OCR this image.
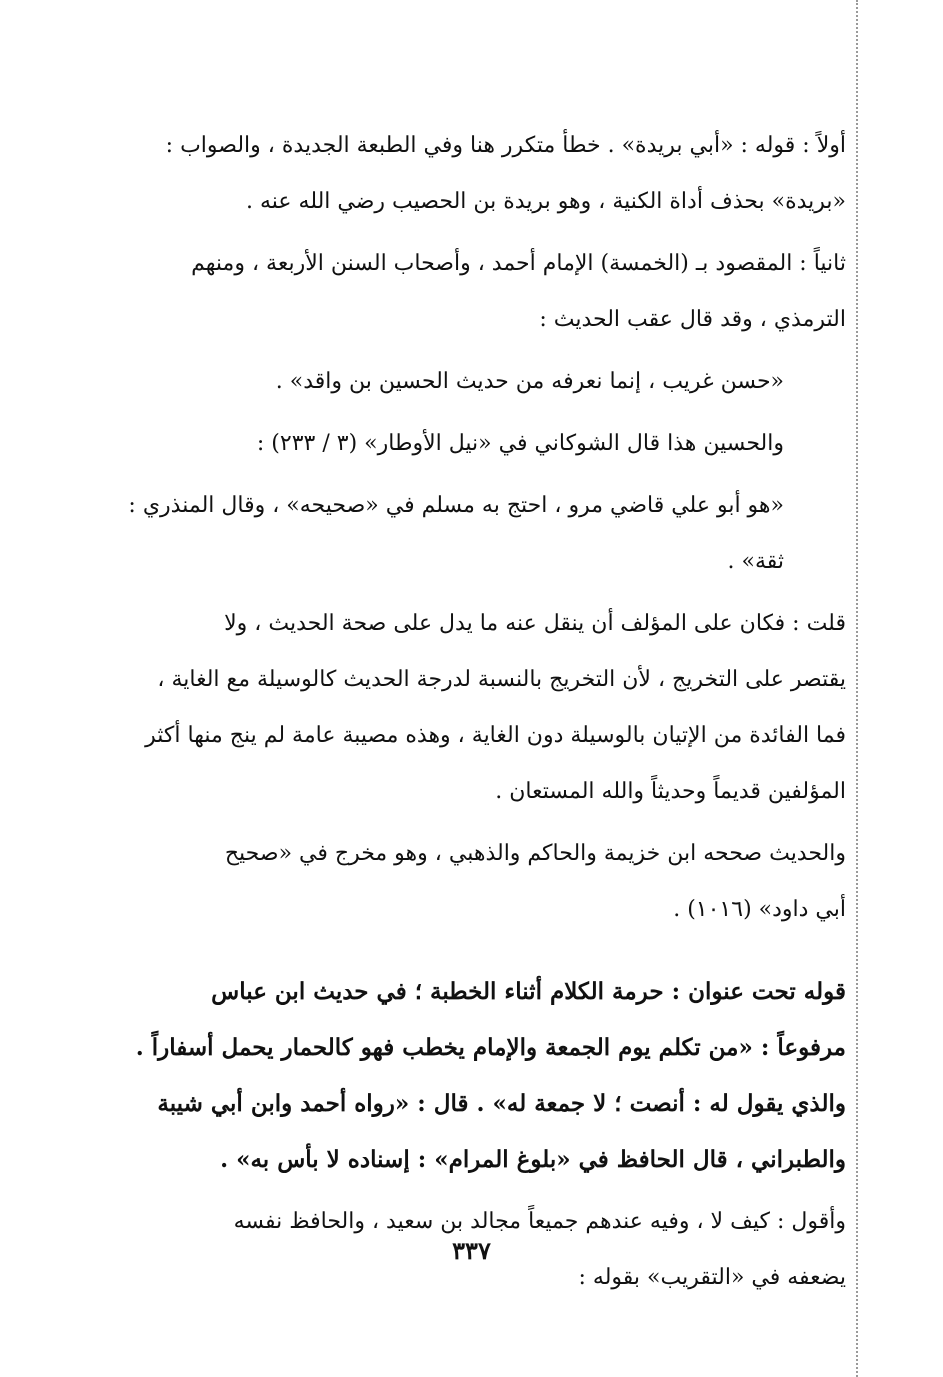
أولاً : قوله : «أبي بريدة» . خطأ متكرر هنا وفي الطبعة الجديدة ، والصواب :
«بريدة» بحذف أداة الكنية ، وهو بريدة بن الحصيب رضي الله عنه .
ثانياً : المقصود بـ (الخمسة) الإمام أحمد ، وأصحاب السنن الأربعة ، ومنهم
الترمذي ، وقد قال عقب الحديث :
«حسن غريب ، إنما نعرفه من حديث الحسين بن واقد» .
والحسين هذا قال الشوكاني في «نيل الأوطار» (٣ / ٢٣٣) :
«هو أبو علي قاضي مرو ، احتج به مسلم في «صحيحه» ، وقال المنذري :
ثقة» .
قلت : فكان على المؤلف أن ينقل عنه ما يدل على صحة الحديث ، ولا
يقتصر على التخريج ، لأن التخريج بالنسبة لدرجة الحديث كالوسيلة مع الغاية ،
فما الفائدة من الإتيان بالوسيلة دون الغاية ، وهذه مصيبة عامة لم ينج منها أكثر
المؤلفين قديماً وحديثاً والله المستعان .
والحديث صححه ابن خزيمة والحاكم والذهبي ، وهو مخرج في «صحيح
أبي داود» (١٠١٦) .
قوله تحت عنوان : حرمة الكلام أثناء الخطبة ؛ في حديث ابن عباس
مرفوعاً : «من تكلم يوم الجمعة والإمام يخطب فهو كالحمار يحمل أسفاراً .
والذي يقول له : أنصت ؛ لا جمعة له» . قال : «رواه أحمد وابن أبي شيبة
والطبراني ، قال الحافظ في «بلوغ المرام» : إسناده لا بأس به» .
وأقول : كيف لا ، وفيه عندهم جميعاً مجالد بن سعيد ، والحافظ نفسه
يضعفه في «التقريب» بقوله :
٣٣٧
